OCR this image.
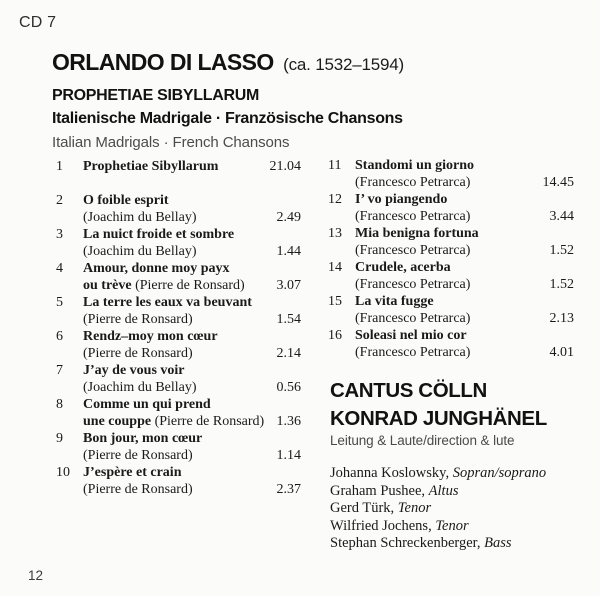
CD 7
ORLANDO DI LASSO (ca. 1532–1594)
PROPHETIAE SIBYLLARUM
Italienische Madrigale · Französische Chansons
Italian Madrigals · French Chansons
1	Prophetiae Sibyllarum	21.04
2	O foible esprit
(Joachim du Bellay)	2.49
3	La nuict froide et sombre
(Joachim du Bellay)	1.44
4	Amour, donne moy payx
ou trève
(Pierre de Ronsard) 3.07
5	La terre les eaux va beuvant
(Pierre de Ronsard)	1.54
6	Rendz–moy mon cœur
(Pierre de Ronsard)	2.14
7	J’ay de vous voir
(Joachim du Bellay)	0.56
8	Comme un qui prend
une couppe
(Pierre de Ronsard) 1.36
9	Bon jour, mon cœur
(Pierre de Ronsard)	1.14
10 J’espère et crain
(Pierre de Ronsard)	2.37
11 Standomi un giorno
(Francesco Petrarca)	14.45
12 I’ vo piangendo
(Francesco Petrarca)	3.44
13 Mia benigna fortuna
(Francesco Petrarca)	1.52
14 Crudele, acerba
(Francesco Petrarca)	1.52
15 La vita fugge
(Francesco Petrarca)	2.13
16 Soleasi nel mio cor
(Francesco Petrarca)	4.01
CANTUS CÖLLN
KONRAD JUNGHÄNEL
Leitung & Laute/direction & lute
Johanna Koslowsky, Sopran/soprano
Graham Pushee, Altus
Gerd Türk, Tenor
Wilfried Jochens, Tenor
Stephan Schreckenberger, Bass
12
